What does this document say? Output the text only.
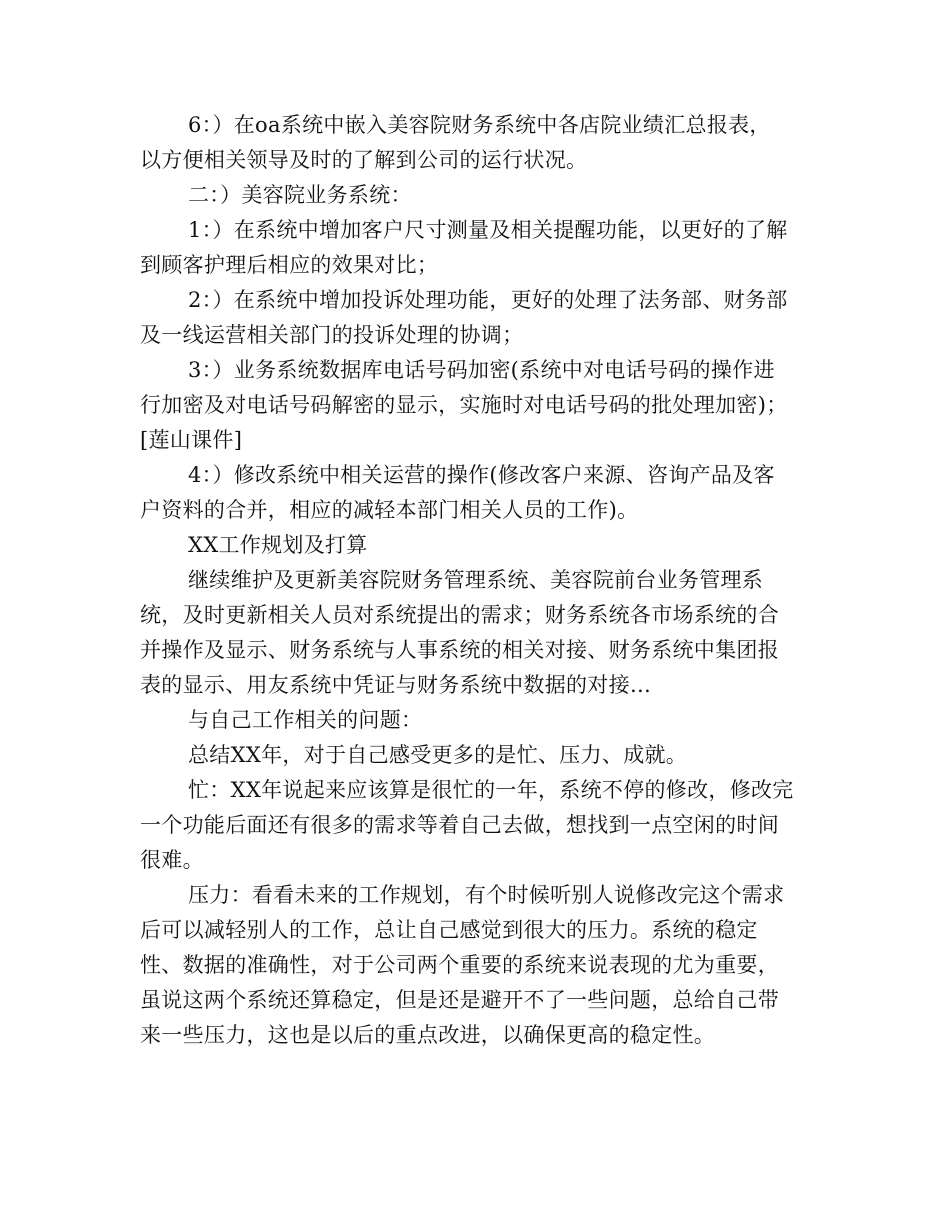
6：）在oa系统中嵌入美容院财务系统中各店院业绩汇总报表，
以方便相关领导及时的了解到公司的运行状况。
二：）美容院业务系统：
1：）在系统中增加客户尺寸测量及相关提醒功能，以更好的了解
到顾客护理后相应的效果对比；
2：）在系统中增加投诉处理功能，更好的处理了法务部、财务部
及一线运营相关部门的投诉处理的协调；
3：）业务系统数据库电话号码加密(系统中对电话号码的操作进
行加密及对电话号码解密的显示，实施时对电话号码的批处理加密)；
[莲山课件]
4：）修改系统中相关运营的操作(修改客户来源、咨询产品及客
户资料的合并，相应的减轻本部门相关人员的工作)。
XX工作规划及打算
继续维护及更新美容院财务管理系统、美容院前台业务管理系
统，及时更新相关人员对系统提出的需求；财务系统各市场系统的合
并操作及显示、财务系统与人事系统的相关对接、财务系统中集团报
表的显示、用友系统中凭证与财务系统中数据的对接…
与自己工作相关的问题：
总结XX年，对于自己感受更多的是忙、压力、成就。
忙：XX年说起来应该算是很忙的一年，系统不停的修改，修改完
一个功能后面还有很多的需求等着自己去做，想找到一点空闲的时间
很难。
压力：看看未来的工作规划，有个时候听别人说修改完这个需求
后可以减轻别人的工作，总让自己感觉到很大的压力。系统的稳定
性、数据的准确性，对于公司两个重要的系统来说表现的尤为重要，
虽说这两个系统还算稳定，但是还是避开不了一些问题，总给自己带
来一些压力，这也是以后的重点改进，以确保更高的稳定性。
